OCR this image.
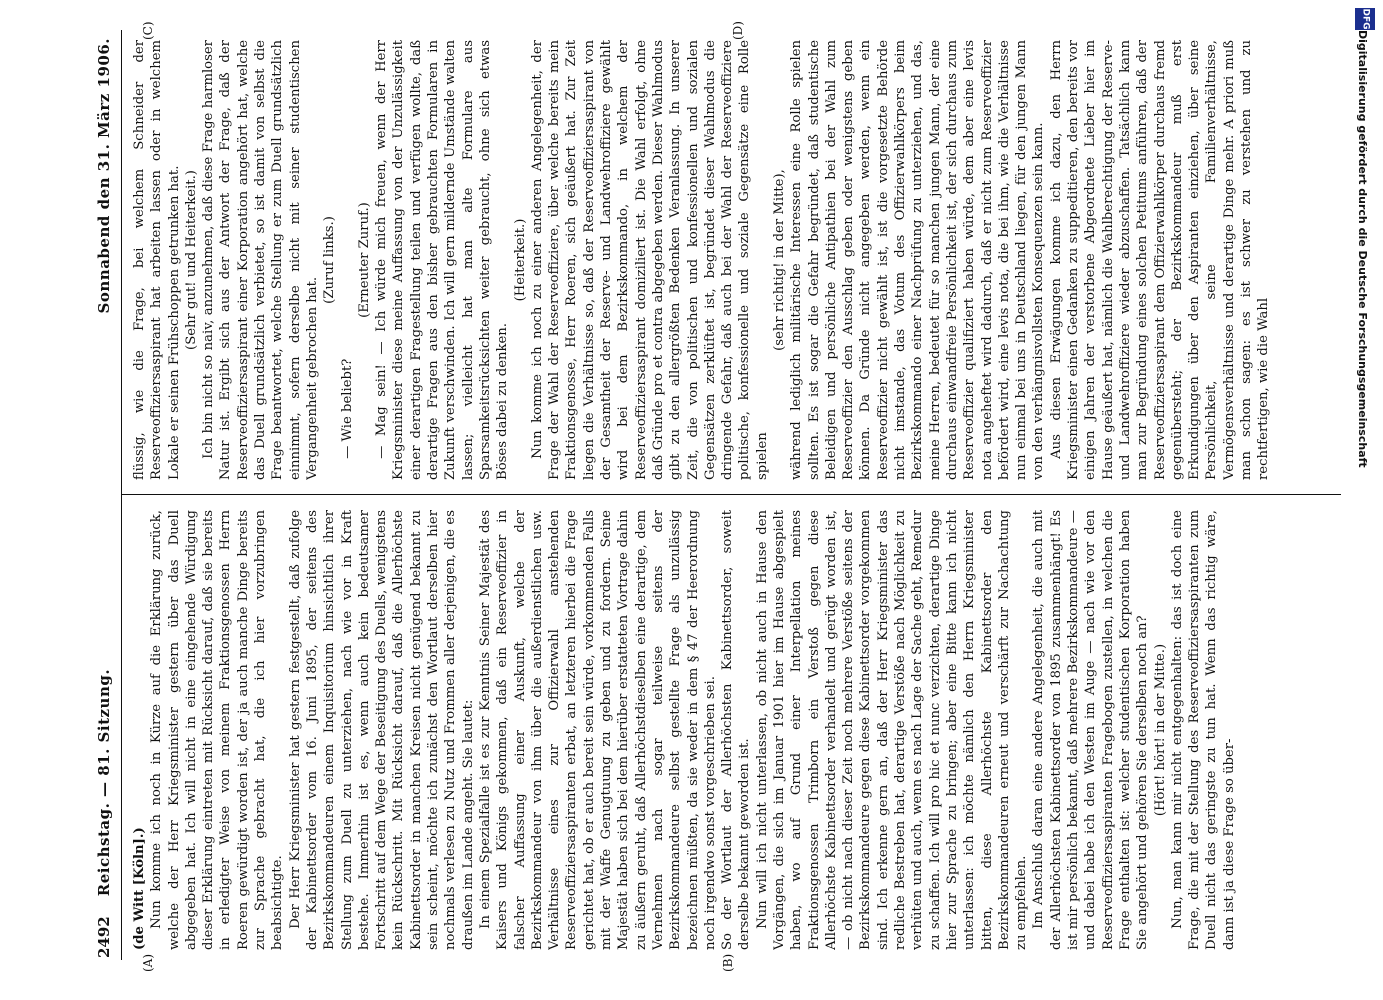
DFG
Digitalisierung gefördert durch die Deutsche Forschungsgemeinschaft
2492
Reichstag. — 81. Sitzung.
Sonnabend den 31. März 1906.
(A)	(B)
(C)	(D)

(de Witt [Köln].) Nun komme ich noch in Kürze auf die Erklärung zurück, welche der Herr Kriegsminister gestern über das Duell abgegeben hat. Ich will nicht in eine eingehende Würdigung dieser Erklärung eintreten mit Rücksicht darauf, daß sie bereits in erledigter Weise von meinem Fraktionsgenossen Herrn Roeren gewürdigt worden ist, der ja auch manche Dinge bereits zur Sprache gebracht hat, die ich hier vorzubringen beabsichtigte. Der Herr Kriegsminister hat gestern festgestellt, daß zufolge der Kabinettsorder vom 16. Juni 1895, der seitens des Bezirkskommandeuren einem Inquisitorium hinsichtlich ihrer Stellung zum Duell zu unterziehen, nach wie vor in Kraft bestehe. Immerhin ist es, wenn auch kein bedeutsamer Fortschritt auf dem Wege der Beseitigung des Duells, wenigstens kein Rückschritt. Mit Rücksicht darauf, daß die Allerhöchste Kabinettsorder in manchen Kreisen nicht genügend bekannt zu sein scheint, möchte ich zunächst den Wortlaut derselben hier nochmals verlesen zu Nutz und Frommen aller derjenigen, die es draußen im Lande angeht. Sie lautet: In einem Spezialfalle ist es zur Kenntnis Seiner Majestät des Kaisers und Königs gekommen, daß ein Reserveoffizier in falscher Auffassung einer Auskunft, welche der Bezirkskommandeur von ihm über die außerdienstlichen usw. Verhältnisse eines zur Offizierwahl anstehenden Reserveoffiziersaspiranten erbat, an letzteren hierbei die Frage gerichtet hat, ob er auch bereit sein würde, vorkommenden Falls mit der Waffe Genugtuung zu geben und zu fordern. Seine Majestät haben sich bei dem hierüber erstatteten Vortrage dahin zu äußern geruht, daß Allerhöchstdieselben eine derartige, dem Vernehmen nach sogar teilweise seitens der Bezirkskommandeure selbst gestellte Frage als unzulässig bezeichnen müßten, da sie weder in dem § 47 der Heerordnung noch irgendwo sonst vorgeschrieben sei. So der Wortlaut der Allerhöchsten Kabinettsorder, soweit derselbe bekannt geworden ist. Nun will ich nicht unterlassen, ob nicht auch in Hause den Vorgängen, die sich im Januar 1901 hier im Hause abgespielt haben, wo auf Grund einer Interpellation meines Fraktionsgenossen Trimborn ein Verstoß gegen diese Allerhöchste Kabinettsorder verhandelt und gerügt worden ist, — ob nicht nach dieser Zeit noch mehrere Verstöße seitens der Bezirkskommandeure gegen diese Kabinettsorder vorgekommen sind. Ich erkenne gern an, daß der Herr Kriegsminister das redliche Bestreben hat, derartige Verstöße nach Möglichkeit zu verhüten und auch, wenn es nach Lage der Sache geht, Remedur zu schaffen. Ich will pro hic et nunc verzichten, derartige Dinge hier zur Sprache zu bringen; aber eine Bitte kann ich nicht unterlassen: ich möchte nämlich den Herrn Kriegsminister bitten, diese Allerhöchste Kabinettsorder den Bezirkskommandeuren erneut und verschärft zur Nachachtung zu empfehlen. Im Anschluß daran eine andere Angelegenheit, die auch mit der Allerhöchsten Kabinettsorder von 1895 zusammenhängt! Es ist mir persönlich bekannt, daß mehrere Bezirkskommandeure — und dabei habe ich den Westen im Auge — nach wie vor den Reserveoffiziersaspiranten Fragebogen zustellen, in welchen die Frage enthalten ist: welcher studentischen Korporation haben Sie angehört und gehören Sie derselben noch an? (Hört! hört! in der Mitte.) Nun, man kann mir nicht entgegenhalten: das ist doch eine Frage, die mit der Stellung des Reserveoffiziersaspiranten zum Duell nicht das geringste zu tun hat. Wenn das richtig wäre, dann ist ja diese Frage so über-

flüssig, wie die Frage, bei welchem Schneider der Reserveoffiziersaspirant hat arbeiten lassen oder in welchem Lokale er seinen Frühschoppen getrunken hat. (Sehr gut! und Heiterkeit.) Ich bin nicht so naiv, anzunehmen, daß diese Frage harmloser Natur ist. Ergibt sich aus der Antwort der Frage, daß der Reserveoffiziersaspirant einer Korporation angehört hat, welche das Duell grundsätzlich verbietet, so ist damit von selbst die Frage beantwortet, welche Stellung er zum Duell grundsätzlich einnimmt, sofern derselbe nicht mit seiner studentischen Vergangenheit gebrochen hat.

(Zuruf links.)

— Wie beliebt?

(Erneuter Zuruf.) — Mag sein! — Ich würde mich freuen, wenn der Herr Kriegsminister diese meine Auffassung von der Unzulässigkeit einer derartigen Fragestellung teilen und verfügen wollte, daß derartige Fragen aus den bisher gebrauchten Formularen in Zukunft verschwinden. Ich will gern mildernde Umstände walten lassen; vielleicht hat man alte Formulare aus Sparsamkeitsrücksichten weiter gebraucht, ohne sich etwas Böses dabei zu denken.

(Heiterkeit.) Nun komme ich noch zu einer anderen Angelegenheit, der Frage der Wahl der Reserveoffiziere, über welche bereits mein Fraktionsgenosse, Herr Roeren, sich geäußert hat. Zur Zeit liegen die Verhältnisse so, daß der Reserveoffiziersaspirant von der Gesamtheit der Reserve- und Landwehroffiziere gewählt wird bei dem Bezirkskommando, in welchem der Reserveoffiziersaspirant domiziliert ist. Die Wahl erfolgt, ohne daß Gründe pro et contra abgegeben werden. Dieser Wahlmodus gibt zu den allergrößten Bedenken Veranlassung. In unserer Zeit, die von politischen und konfessionellen und sozialen Gegensätzen zerklüftet ist, begründet dieser Wahlmodus die dringende Gefahr, daß auch bei der Wahl der Reserveoffiziere politische, konfessionelle und soziale Gegensätze eine Rolle spielen

(sehr richtig! in der Mitte), während lediglich militärische Interessen eine Rolle spielen sollten. Es ist sogar die Gefahr begründet, daß studentische Beleidigen und persönliche Antipathien bei der Wahl zum Reserveoffizier den Ausschlag geben oder wenigstens geben können. Da Gründe nicht angegeben werden, wenn ein Reserveoffizier nicht gewählt ist, ist die vorgesetzte Behörde nicht imstande, das Votum des Offizierwahlkörpers beim Bezirkskommando einer Nachprüfung zu unterziehen, und das, meine Herren, bedeutet für so manchen jungen Mann, der eine durchaus einwandfreie Persönlichkeit ist, der sich durchaus zum Reserveoffizier qualifiziert haben würde, dem aber eine levis nota angeheftet wird dadurch, daß er nicht zum Reserveoffizier befördert wird, eine levis nota, die bei ihm, wie die Verhältnisse nun einmal bei uns in Deutschland liegen, für den jungen Mann von den verhängnisvollsten Konsequenzen sein kann. Aus diesen Erwägungen komme ich dazu, den Herrn Kriegsminister einen Gedanken zu suppeditieren, den bereits vor einigen Jahren der verstorbene Abgeordnete Lieber hier im Hause geäußert hat, nämlich die Wahlberechtigung der Reserve- und Landwehroffiziere wieder abzuschaffen. Tatsächlich kann man zur Begründung eines solchen Petitums anführen, daß der Reserveoffiziersaspirant dem Offizierwahlkörper durchaus fremd gegenübersteht; der Bezirkskommandeur muß erst Erkundigungen über den Aspiranten einziehen, über seine Persönlichkeit, seine Familienverhältnisse, Vermögensverhältnisse und derartige Dinge mehr. A priori muß man schon sagen: es ist schwer zu verstehen und zu rechtfertigen, wie die Wahl
